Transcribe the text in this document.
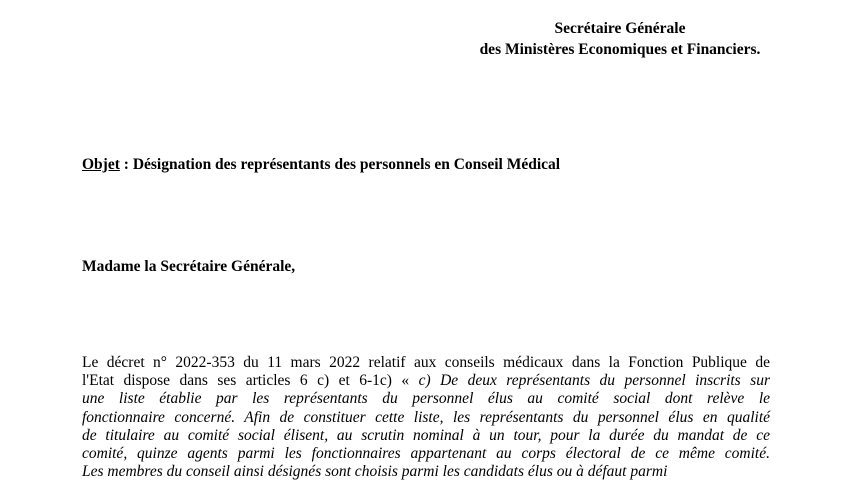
Secrétaire Générale
des Ministères Economiques et Financiers.
Objet : Désignation des représentants des personnels en Conseil Médical
Madame la Secrétaire Générale,
Le décret n° 2022-353 du 11 mars 2022 relatif aux conseils médicaux dans la Fonction Publique de
l'Etat dispose dans ses articles 6 c) et 6-1c) « c) De deux représentants du personnel inscrits sur
une liste établie par les représentants du personnel élus au comité social dont relève le
fonctionnaire concerné. Afin de constituer cette liste, les représentants du personnel élus en qualité
de titulaire au comité social élisent, au scrutin nominal à un tour, pour la durée du mandat de ce
comité, quinze agents parmi les fonctionnaires appartenant au corps électoral de ce même comité.
Les membres du conseil ainsi désignés sont choisis parmi les candidats élus ou à défaut parmi
